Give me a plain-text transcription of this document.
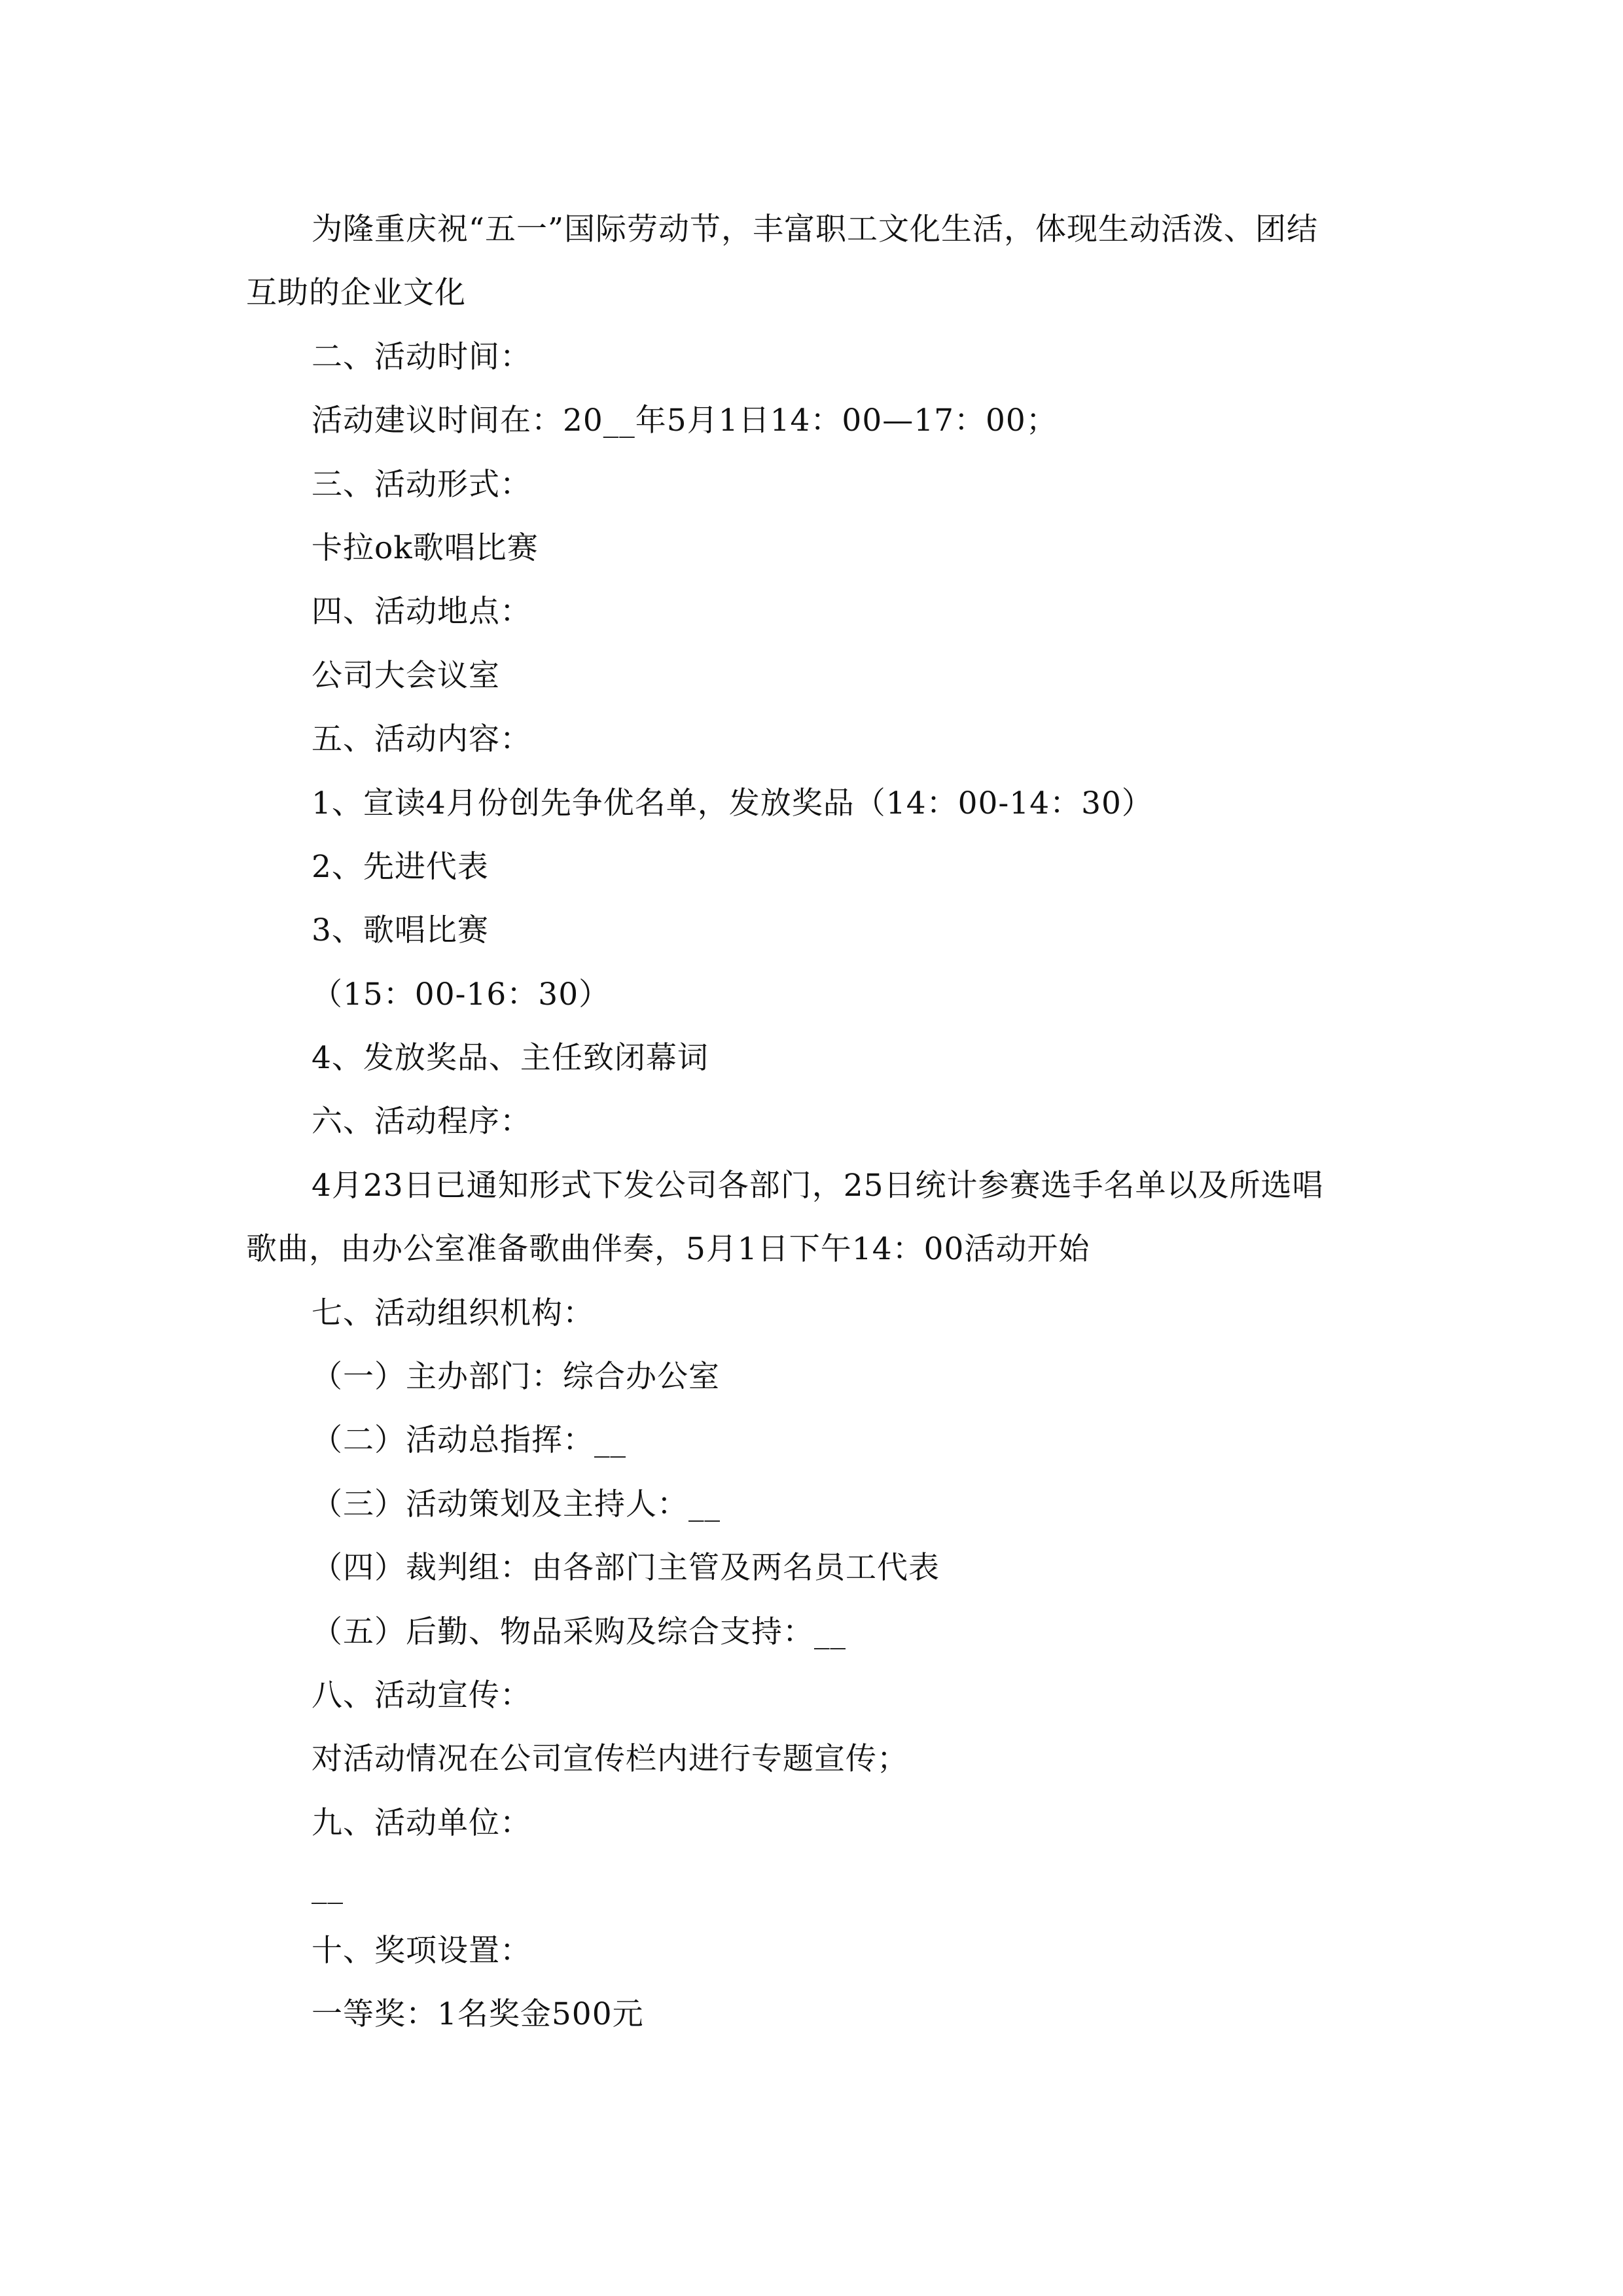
为隆重庆祝“五一”国际劳动节，丰富职工文化生活，体现生动活泼、团结
互助的企业文化
二、活动时间：
活动建议时间在：20__年5月1日14：00—17：00；
三、活动形式：
卡拉ok歌唱比赛
四、活动地点：
公司大会议室
五、活动内容：
1、宣读4月份创先争优名单，发放奖品（14：00-14：30）
2、先进代表
3、歌唱比赛
（15：00-16：30）
4、发放奖品、主任致闭幕词
六、活动程序：
4月23日已通知形式下发公司各部门，25日统计参赛选手名单以及所选唱
歌曲，由办公室准备歌曲伴奏，5月1日下午14：00活动开始
七、活动组织机构：
（一）主办部门：综合办公室
（二）活动总指挥：__
（三）活动策划及主持人：__
（四）裁判组：由各部门主管及两名员工代表
（五）后勤、物品采购及综合支持：__
八、活动宣传：
对活动情况在公司宣传栏内进行专题宣传；
九、活动单位：
__
十、奖项设置：
一等奖：1名奖金500元
